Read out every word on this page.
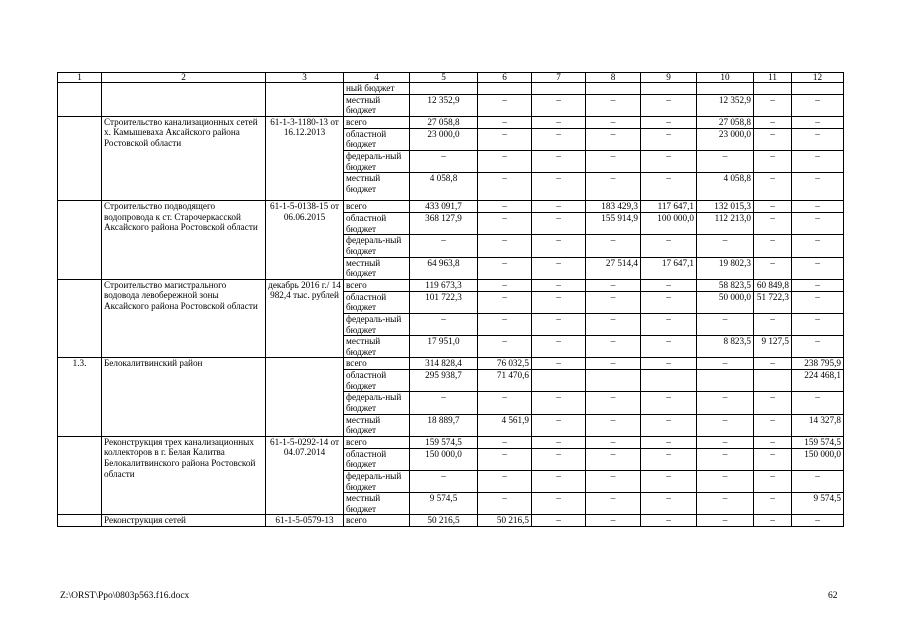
1	2	3	4	5	6	7	8	9	10	11	12
			ный бюджет								
			местный бюджет	12 352,9	–	–	–	–	12 352,9	–	–
	Строительство канализационных сетей х. Камышеваха Аксайского района Ростовской области	61-1-3-1180-13 от 16.12.2013	всего	27 058,8	–	–	–	–	27 058,8	–	–
			областной бюджет	23 000,0	–	–	–	–	23 000,0	–	–
			федераль-ный бюджет	–	–	–	–	–	–	–	–
			местный бюджет	4 058,8	–	–	–	–	4 058,8	–	–
	Строительство подводящего водопровода к ст. Старочеркасской Аксайского района Ростовской области	61-1-5-0138-15 от 06.06.2015	всего	433 091,7	–	–	183 429,3	117 647,1	132 015,3	–	–
			областной бюджет	368 127,9	–	–	155 914,9	100 000,0	112 213,0	–	–
			федераль-ный бюджет	–	–	–	–	–	–	–	–
			местный бюджет	64 963,8	–	–	27 514,4	17 647,1	19 802,3	–	–
	Строительство магистрального водовода левобережной зоны Аксайского района Ростовской области	декабрь 2016 г./ 14 982,4 тыс. рублей	всего	119 673,3	–	–	–	–	58 823,5	60 849,8	–
			областной бюджет	101 722,3	–	–	–	–	50 000,0	51 722,3	–
			федераль-ный бюджет	–	–	–	–	–	–	–	–
			местный бюджет	17 951,0	–	–	–	–	8 823,5	9 127,5	–
1.3.	Белокалитвинский район		всего	314 828,4	76 032,5	–	–	–	–	–	238 795,9
			областной бюджет	295 938,7	71 470,6						224 468,1
			федераль-ный бюджет	–	–	–	–	–	–	–	–
			местный бюджет	18 889,7	4 561,9	–	–	–	–	–	14 327,8
	Реконструкция трех канализационных коллекторов в г. Белая Калитва Белокалитвинского района Ростовской области	61-1-5-0292-14 от 04.07.2014	всего	159 574,5	–	–	–	–	–	–	159 574,5
			областной бюджет	150 000,0	–	–	–	–	–	–	150 000,0
			федераль-ный бюджет	–	–	–	–	–	–	–	–
			местный бюджет	9 574,5	–	–	–	–	–	–	9 574,5
	Реконструкция сетей	61-1-5-0579-13	всего	50 216,5	50 216,5	–	–	–	–	–	–
Z:\ORST\Ppo\0803p563.f16.docx	62
